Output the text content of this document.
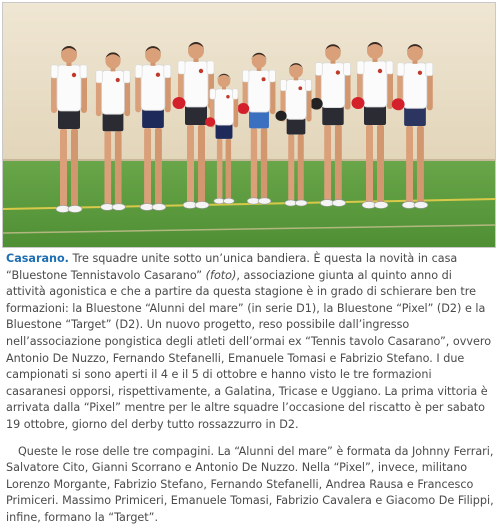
Casarano. Tre squadre unite sotto un’unica bandiera. È questa la novità in casa “Bluestone Tennistavolo Casarano” (foto), associazione giunta al quinto anno di attività agonistica e che a partire da questa stagione è in grado di schierare ben tre formazioni: la Bluestone “Alunni del mare” (in serie D1), la Bluestone “Pixel” (D2) e la Bluestone “Target” (D2). Un nuovo progetto, reso possibile dall’ingresso nell’associazione pongistica degli atleti dell’ormai ex “Tennis tavolo Casarano”, ovvero Antonio De Nuzzo, Fernando Stefanelli, Emanuele Tomasi e Fabrizio Stefano. I due campionati si sono aperti il 4 e il 5 di ottobre e hanno visto le tre formazioni casaranesi opporsi, rispettivamente, a Galatina, Tricase e Uggiano. La prima vittoria è arrivata dalla “Pixel” mentre per le altre squadre l’occasione del riscatto è per sabato 19 ottobre, giorno del derby tutto rossazzurro in D2.

Queste le rose delle tre compagini. La “Alunni del mare” è formata da Johnny Ferrari, Salvatore Cito, Gianni Scorrano e Antonio De Nuzzo. Nella “Pixel”, invece, militano Lorenzo Morgante, Fabrizio Stefano, Fernando Stefanelli, Andrea Rausa e Francesco Primiceri. Massimo Primiceri, Emanuele Tomasi, Fabrizio Cavalera e Giacomo De Filippi, infine, formano la “Target”.
